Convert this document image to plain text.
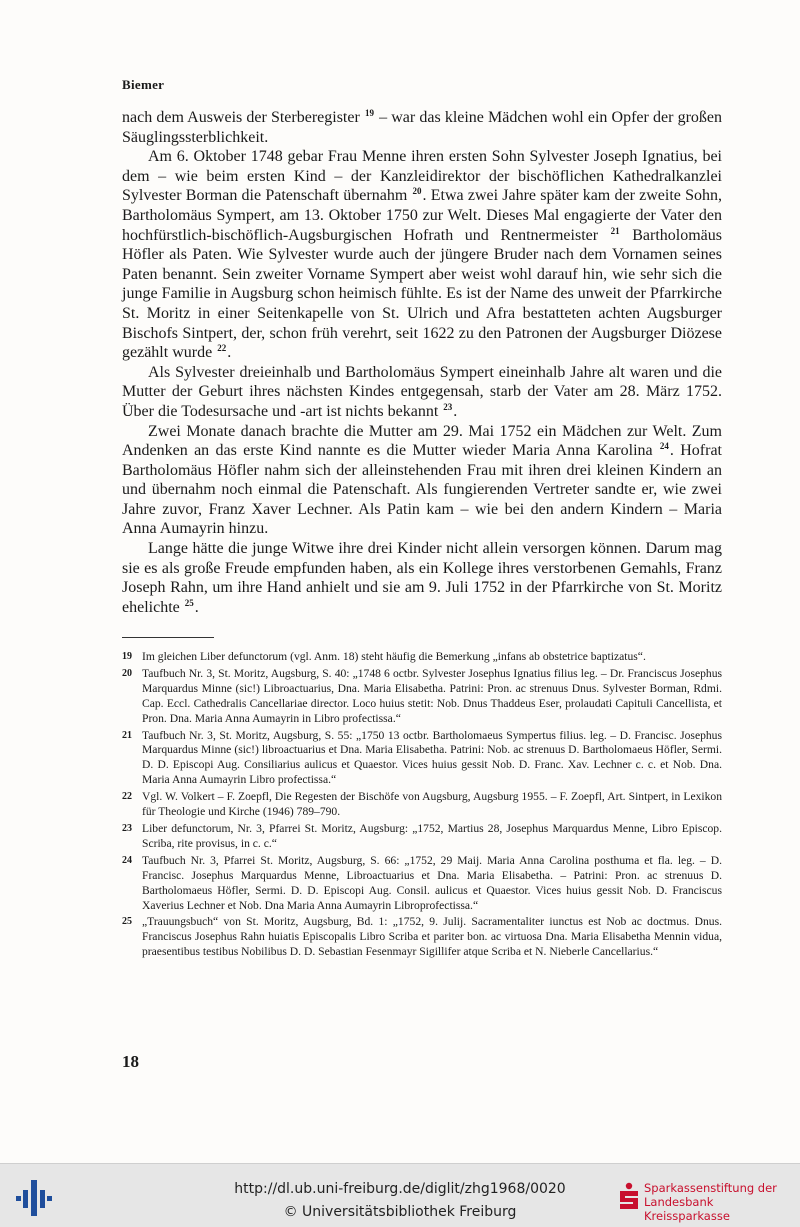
Biemer

nach dem Ausweis der Sterberegister $^{19}$ – war das kleine Mädchen wohl ein Opfer der großen Säuglingssterblichkeit.

Am 6. Oktober 1748 gebar Frau Menne ihren ersten Sohn Sylvester Joseph Ignatius, bei dem – wie beim ersten Kind – der Kanzleidirektor der bischöflichen Kathedralkanzlei Sylvester Borman die Patenschaft übernahm $^{20}$. Etwa zwei Jahre später kam der zweite Sohn, Bartholomäus Sympert, am 13. Oktober 1750 zur Welt. Dieses Mal engagierte der Vater den hochfürstlich-bischöflich-Augsburgischen Hofrath und Rentnermeister $^{21}$ Bartholomäus Höfler als Paten. Wie Sylvester wurde auch der jüngere Bruder nach dem Vornamen seines Paten benannt. Sein zweiter Vorname Sympert aber weist wohl darauf hin, wie sehr sich die junge Familie in Augsburg schon heimisch fühlte. Es ist der Name des unweit der Pfarrkirche St. Moritz in einer Seitenkapelle von St. Ulrich und Afra bestatteten achten Augsburger Bischofs Sintpert, der, schon früh verehrt, seit 1622 zu den Patronen der Augsburger Diözese gezählt wurde $^{22}$.

Als Sylvester dreieinhalb und Bartholomäus Sympert eineinhalb Jahre alt waren und die Mutter der Geburt ihres nächsten Kindes entgegensah, starb der Vater am 28. März 1752. Über die Todesursache und -art ist nichts bekannt $^{23}$.

Zwei Monate danach brachte die Mutter am 29. Mai 1752 ein Mädchen zur Welt. Zum Andenken an das erste Kind nannte es die Mutter wieder Maria Anna Karolina $^{24}$. Hofrat Bartholomäus Höfler nahm sich der alleinstehenden Frau mit ihren drei kleinen Kindern an und übernahm noch einmal die Patenschaft. Als fungierenden Vertreter sandte er, wie zwei Jahre zuvor, Franz Xaver Lechner. Als Patin kam – wie bei den andern Kindern – Maria Anna Aumayrin hinzu.

Lange hätte die junge Witwe ihre drei Kinder nicht allein versorgen können. Darum mag sie es als große Freude empfunden haben, als ein Kollege ihres verstorbenen Gemahls, Franz Joseph Rahn, um ihre Hand anhielt und sie am 9. Juli 1752 in der Pfarrkirche von St. Moritz ehelichte $^{25}$.

19 Im gleichen Liber defunctorum (vgl. Anm. 18) steht häufig die Bemerkung „infans ab obstetrice baptizatus“.
20 Taufbuch Nr. 3, St. Moritz, Augsburg, S. 40: „1748 6 octbr. Sylvester Josephus Ignatius filius leg. – Dr. Franciscus Josephus Marquardus Minne (sic!) Libroactuarius, Dna. Maria Elisabetha. Patrini: Pron. ac strenuus Dnus. Sylvester Borman, Rdmi. Cap. Eccl. Cathedralis Cancellariae director. Loco huius stetit: Nob. Dnus Thaddeus Eser, prolaudati Capituli Cancellista, et Pron. Dna. Maria Anna Aumayrin in Libro profectissa.“
21 Taufbuch Nr. 3, St. Moritz, Augsburg, S. 55: „1750 13 octbr. Bartholomaeus Sympertus filius. leg. – D. Francisc. Josephus Marquardus Minne (sic!) libroactuarius et Dna. Maria Elisabetha. Patrini: Nob. ac strenuus D. Bartholomaeus Höfler, Sermi. D. D. Episcopi Aug. Consiliarius aulicus et Quaestor. Vices huius gessit Nob. D. Franc. Xav. Lechner c. c. et Nob. Dna. Maria Anna Aumayrin Libro profectissa.“
22 Vgl. W. Volkert – F. Zoepfl, Die Regesten der Bischöfe von Augsburg, Augsburg 1955. – F. Zoepfl, Art. Sintpert, in Lexikon für Theologie und Kirche (1946) 789–790.
23 Liber defunctorum, Nr. 3, Pfarrei St. Moritz, Augsburg: „1752, Martius 28, Josephus Marquardus Menne, Libro Episcop. Scriba, rite provisus, in c. c.“
24 Taufbuch Nr. 3, Pfarrei St. Moritz, Augsburg, S. 66: „1752, 29 Maij. Maria Anna Carolina posthuma et fla. leg. – D. Francisc. Josephus Marquardus Menne, Libroactuarius et Dna. Maria Elisabetha. – Patrini: Pron. ac strenuus D. Bartholomaeus Höfler, Sermi. D. D. Episcopi Aug. Consil. aulicus et Quaestor. Vices huius gessit Nob. D. Franciscus Xaverius Lechner et Nob. Dna Maria Anna Aumayrin Libroprofectissa.“
25 „Trauungsbuch“ von St. Moritz, Augsburg, Bd. 1: „1752, 9. Julij. Sacramentaliter iunctus est Nob ac doctmus. Dnus. Franciscus Josephus Rahn huiatis Episcopalis Libro Scriba et pariter bon. ac virtuosa Dna. Maria Elisabetha Mennin vidua, praesentibus testibus Nobilibus D. D. Sebastian Fesenmayr Sigillifer atque Scriba et N. Nieberle Cancellarius.“
18
http://dl.ub.uni-freiburg.de/diglit/zhg1968/0020
© Universitätsbibliothek Freiburg
Sparkassenstiftung der
Landesbank Kreissparkasse
